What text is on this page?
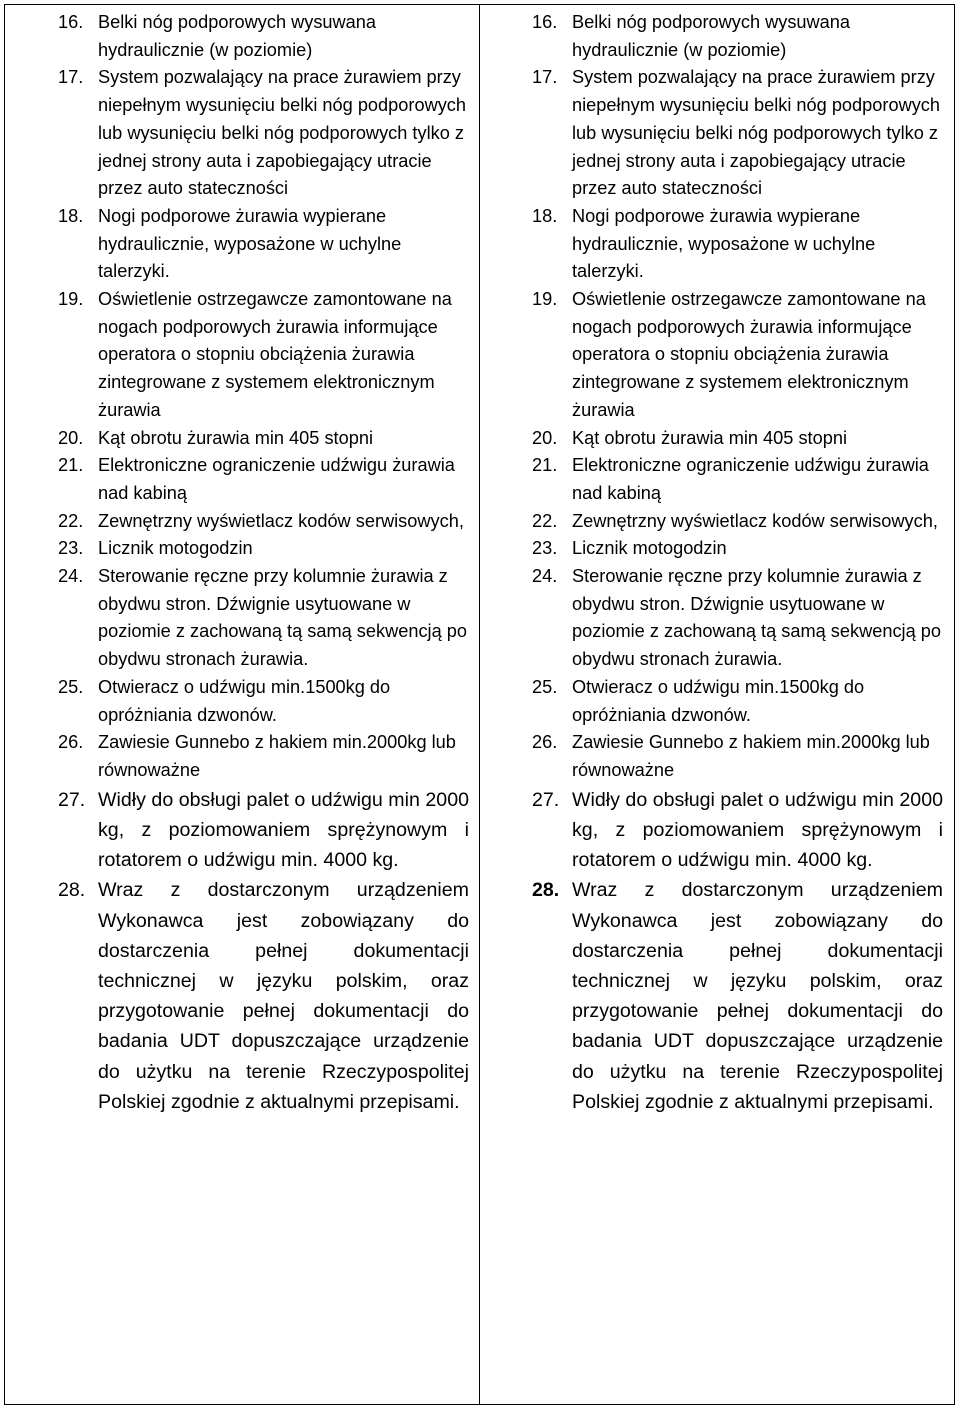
16. Belki nóg podporowych wysuwana hydraulicznie (w poziomie)
17. System pozwalający na prace żurawiem przy niepełnym wysunięciu belki nóg podporowych lub wysunięciu belki nóg podporowych tylko z jednej strony auta i zapobiegający utracie przez auto stateczności
18. Nogi podporowe żurawia wypierane hydraulicznie, wyposażone w uchylne talerzyki.
19. Oświetlenie ostrzegawcze zamontowane na nogach podporowych żurawia informujące operatora o stopniu obciążenia żurawia zintegrowane z systemem elektronicznym żurawia
20. Kąt obrotu żurawia min 405 stopni
21. Elektroniczne ograniczenie udźwigu żurawia nad kabiną
22. Zewnętrzny wyświetlacz kodów serwisowych,
23. Licznik motogodzin
24. Sterowanie ręczne przy kolumnie żurawia z obydwu stron. Dźwignie usytuowane w poziomie z zachowaną tą samą sekwencją po obydwu stronach żurawia.
25. Otwieracz o udźwigu min.1500kg do opróżniania dzwonów.
26. Zawiesie Gunnebo z hakiem min.2000kg lub równoważne
27. Widły do obsługi palet o udźwigu min 2000 kg, z poziomowaniem sprężynowym i rotatorem o udźwigu min. 4000 kg.
28. Wraz z dostarczonym urządzeniem Wykonawca jest zobowiązany do dostarczenia pełnej dokumentacji technicznej w języku polskim, oraz przygotowanie pełnej dokumentacji do badania UDT dopuszczające urządzenie do użytku na terenie Rzeczypospolitej Polskiej zgodnie z aktualnymi przepisami.
16. Belki nóg podporowych wysuwana hydraulicznie (w poziomie)
17. System pozwalający na prace żurawiem przy niepełnym wysunięciu belki nóg podporowych lub wysunięciu belki nóg podporowych tylko z jednej strony auta i zapobiegający utracie przez auto stateczności
18. Nogi podporowe żurawia wypierane hydraulicznie, wyposażone w uchylne talerzyki.
19. Oświetlenie ostrzegawcze zamontowane na nogach podporowych żurawia informujące operatora o stopniu obciążenia żurawia zintegrowane z systemem elektronicznym żurawia
20. Kąt obrotu żurawia min 405 stopni
21. Elektroniczne ograniczenie udźwigu żurawia nad kabiną
22. Zewnętrzny wyświetlacz kodów serwisowych,
23. Licznik motogodzin
24. Sterowanie ręczne przy kolumnie żurawia z obydwu stron. Dźwignie usytuowane w poziomie z zachowaną tą samą sekwencją po obydwu stronach żurawia.
25. Otwieracz o udźwigu min.1500kg do opróżniania dzwonów.
26. Zawiesie Gunnebo z hakiem min.2000kg lub równoważne
27. Widły do obsługi palet o udźwigu min 2000 kg, z poziomowaniem sprężynowym i rotatorem o udźwigu min. 4000 kg.
28. Wraz z dostarczonym urządzeniem Wykonawca jest zobowiązany do dostarczenia pełnej dokumentacji technicznej w języku polskim, oraz przygotowanie pełnej dokumentacji do badania UDT dopuszczające urządzenie do użytku na terenie Rzeczypospolitej Polskiej zgodnie z aktualnymi przepisami.
